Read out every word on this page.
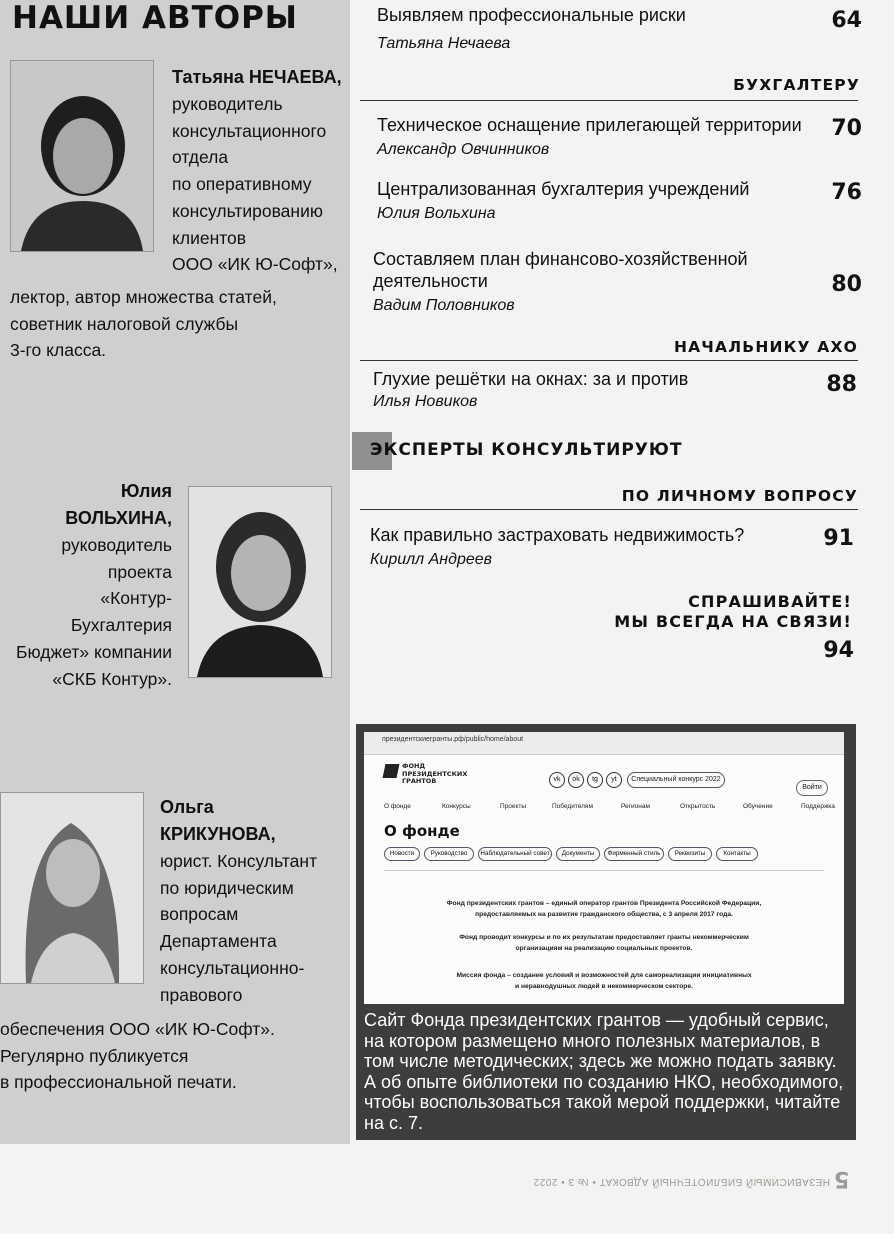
НАШИ АВТОРЫ
Татьяна НЕЧАЕВА,
руководитель
консультационного
отдела
по оперативному
консультированию
клиентов
ООО «ИК Ю-Софт»,
лектор, автор множества статей,
советник налоговой службы
3-го класса.
Юлия
ВОЛЬХИНА,
руководитель
проекта
«Контур-
Бухгалтерия
Бюджет» компании
«СКБ Контур».
Ольга
КРИКУНОВА,
юрист. Консультант
по юридическим
вопросам
Департамента
консультационно-
правового
обеспечения ООО «ИК Ю-Софт».
Регулярно публикуется
в профессиональной печати.
Выявляем профессиональные риски
Татьяна Нечаева
64
БУХГАЛТЕРУ
Техническое оснащение прилегающей территории
Александр Овчинников
70
Централизованная бухгалтерия учреждений
Юлия Вольхина
76
Составляем план финансово-хозяйственной
деятельности
Вадим Половников
80
НАЧАЛЬНИКУ АХО
Глухие решётки на окнах: за и против
Илья Новиков
88
ЭКСПЕРТЫ КОНСУЛЬТИРУЮТ
ПО ЛИЧНОМУ ВОПРОСУ
Как правильно застраховать недвижимость?
Кирилл Андреев
91
СПРАШИВАЙТЕ!
МЫ ВСЕГДА НА СВЯЗИ!
94
президентскиегранты.рф/public/home/about
ФОНД
ПРЕЗИДЕНТСКИХ
ГРАНТОВ	vk	ok	tg	yt	Специальный конкурс 2022
Войти
О фонде	Конкурсы	Проекты	Победителям	Регионам	Открытость	Обучение	Поддержка
О фонде
Новости	Руководство	Наблюдательный совет	Документы	Фирменный стиль	Реквизиты	Контакты
Фонд президентских грантов – единый оператор грантов Президента Российской Федерации,
предоставляемых на развитие гражданского общества, с 3 апреля 2017 года.
Фонд проводит конкурсы и по их результатам предоставляет гранты некоммерческим
организациям на реализацию социальных проектов.
Миссия фонда – создание условий и возможностей для самореализации инициативных
и неравнодушных людей в некоммерческом секторе.
Сайт Фонда президентских грантов — удобный сервис, на котором размещено много полезных материалов, в том числе методических; здесь же можно подать заявку. А об опыте библиотеки по созданию НКО, необходимого, чтобы воспользоваться такой мерой поддержки, читайте на с. 7.
НЕЗАВИСИМЫЙ БИБЛИОТЕЧНЫЙ АДВОКАТ • № 3 • 2022 5
